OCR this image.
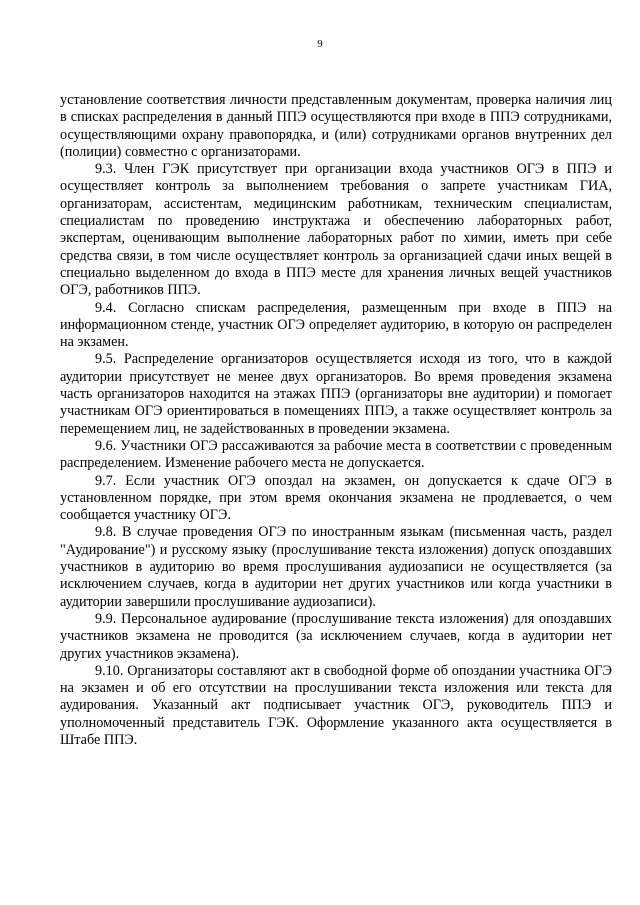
9

установление соответствия личности представленным документам, проверка наличия лиц в списках распределения в данный ППЭ осуществляются при входе в ППЭ сотрудниками, осуществляющими охрану правопорядка, и (или) сотрудниками органов внутренних дел (полиции) совместно с организаторами.

9.3. Член ГЭК присутствует при организации входа участников ОГЭ в ППЭ и осуществляет контроль за выполнением требования о запрете участникам ГИА, организаторам, ассистентам, медицинским работникам, техническим специалистам, специалистам по проведению инструктажа и обеспечению лабораторных работ, экспертам, оценивающим выполнение лабораторных работ по химии, иметь при себе средства связи, в том числе осуществляет контроль за организацией сдачи иных вещей в специально выделенном до входа в ППЭ месте для хранения личных вещей участников ОГЭ, работников ППЭ.

9.4. Согласно спискам распределения, размещенным при входе в ППЭ на информационном стенде, участник ОГЭ определяет аудиторию, в которую он распределен на экзамен.

9.5. Распределение организаторов осуществляется исходя из того, что в каждой аудитории присутствует не менее двух организаторов. Во время проведения экзамена часть организаторов находится на этажах ППЭ (организаторы вне аудитории) и помогает участникам ОГЭ ориентироваться в помещениях ППЭ, а также осуществляет контроль за перемещением лиц, не задействованных в проведении экзамена.

9.6. Участники ОГЭ рассаживаются за рабочие места в соответствии с проведенным распределением. Изменение рабочего места не допускается.

9.7. Если участник ОГЭ опоздал на экзамен, он допускается к сдаче ОГЭ в установленном порядке, при этом время окончания экзамена не продлевается, о чем сообщается участнику ОГЭ.

9.8. В случае проведения ОГЭ по иностранным языкам (письменная часть, раздел "Аудирование") и русскому языку (прослушивание текста изложения) допуск опоздавших участников в аудиторию во время прослушивания аудиозаписи не осуществляется (за исключением случаев, когда в аудитории нет других участников или когда участники в аудитории завершили прослушивание аудиозаписи).

9.9. Персональное аудирование (прослушивание текста изложения) для опоздавших участников экзамена не проводится (за исключением случаев, когда в аудитории нет других участников экзамена).

9.10. Организаторы составляют акт в свободной форме об опоздании участника ОГЭ на экзамен и об его отсутствии на прослушивании текста изложения или текста для аудирования. Указанный акт подписывает участник ОГЭ, руководитель ППЭ и уполномоченный представитель ГЭК. Оформление указанного акта осуществляется в Штабе ППЭ.
